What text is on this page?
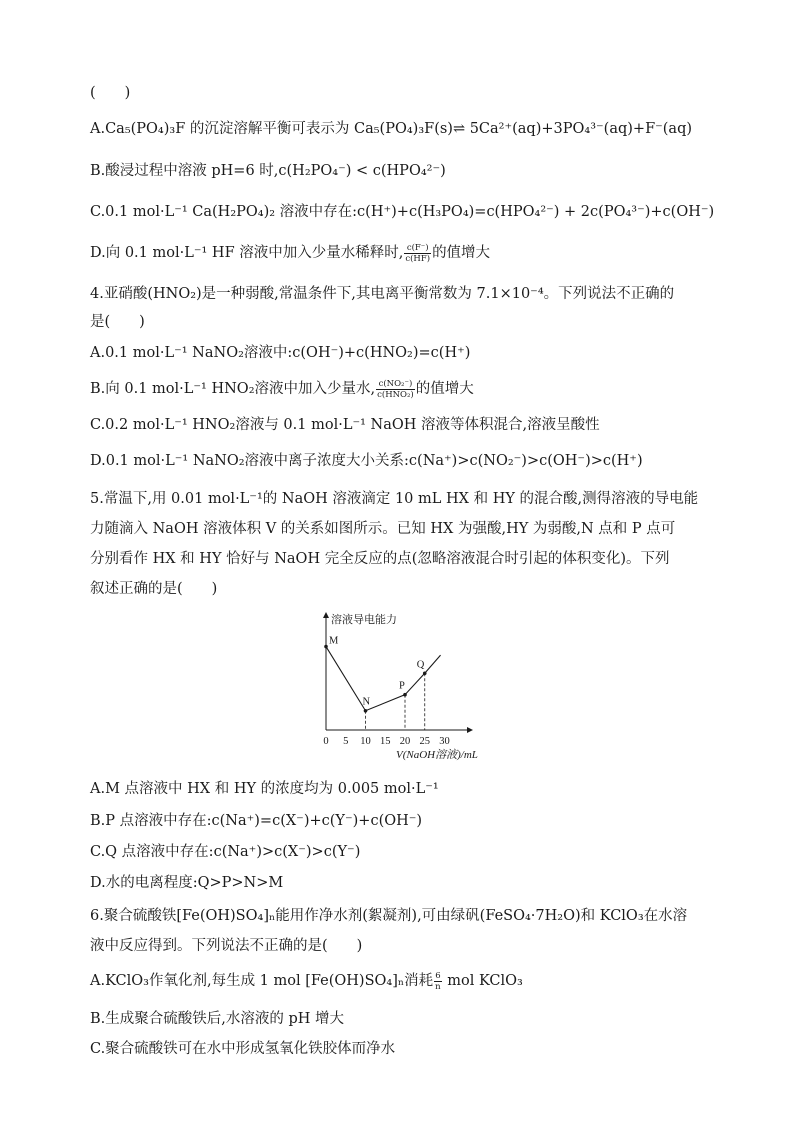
(　　)
A.Ca₅(PO₄)₃F 的沉淀溶解平衡可表示为 Ca₅(PO₄)₃F(s)⇌ 5Ca²⁺(aq)+3PO₄³⁻(aq)+F⁻(aq)
B.酸浸过程中溶液 pH=6 时,c(H₂PO₄⁻) < c(HPO₄²⁻)
C.0.1 mol·L⁻¹ Ca(H₂PO₄)₂ 溶液中存在:c(H⁺)+c(H₃PO₄)=c(HPO₄²⁻) + 2c(PO₄³⁻)+c(OH⁻)
D.向 0.1 mol·L⁻¹ HF 溶液中加入少量水稀释时, $\frac{c(F^-)}{c(HF)}$ 的值增大
4.亚硝酸(HNO₂)是一种弱酸,常温条件下,其电离平衡常数为 7.1×10⁻⁴。下列说法不正确的
是(　　)
A.0.1 mol·L⁻¹ NaNO₂溶液中:c(OH⁻)+c(HNO₂)=c(H⁺)
B.向 0.1 mol·L⁻¹ HNO₂溶液中加入少量水, $\frac{\text{c(NO₂⁻)}}{\text{c(HNO₂)}}$ 的值增大
C.0.2 mol·L⁻¹ HNO₂溶液与 0.1 mol·L⁻¹ NaOH 溶液等体积混合,溶液呈酸性
D.0.1 mol·L⁻¹ NaNO₂溶液中离子浓度大小关系:c(Na⁺)>c(NO₂⁻)>c(OH⁻)>c(H⁺)
5.常温下,用 0.01 mol·L⁻¹的 NaOH 溶液滴定 10 mL HX 和 HY 的混合酸,测得溶液的导电能
力随滴入 NaOH 溶液体积 V 的关系如图所示。已知 HX 为强酸,HY 为弱酸,N 点和 P 点可
分别看作 HX 和 HY 恰好与 NaOH 完全反应的点(忽略溶液混合时引起的体积变化)。下列
叙述正确的是(　　)
溶液导电能力
V(NaOH溶液)/mL
0 5 10 15 20 25 30
M
N
P
Q
A.M 点溶液中 HX 和 HY 的浓度均为 0.005 mol·L⁻¹
B.P 点溶液中存在:c(Na⁺)=c(X⁻)+c(Y⁻)+c(OH⁻)
C.Q 点溶液中存在:c(Na⁺)>c(X⁻)>c(Y⁻)
D.水的电离程度:Q>P>N>M
6.聚合硫酸铁[Fe(OH)SO₄]ₙ能用作净水剂(絮凝剂),可由绿矾(FeSO₄·7H₂O)和 KClO₃在水溶
液中反应得到。下列说法不正确的是(　　)
A.KClO₃作氧化剂,每生成 1 mol [Fe(OH)SO₄]ₙ消耗 $\frac{6}{n}$ mol KClO₃
B.生成聚合硫酸铁后,水溶液的 pH 增大
C.聚合硫酸铁可在水中形成氢氧化铁胶体而净水
